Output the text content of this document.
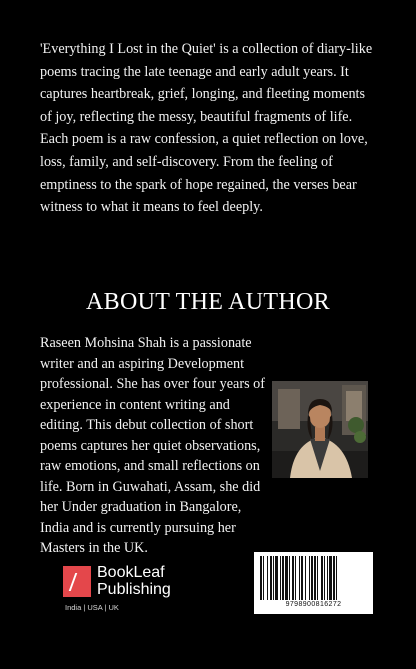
'Everything I Lost in the Quiet' is a collection of diary-like poems tracing the late teenage and early adult years. It captures heartbreak, grief, longing, and fleeting moments of joy, reflecting the messy, beautiful fragments of life. Each poem is a raw confession, a quiet reflection on love, loss, family, and self-discovery. From the feeling of emptiness to the spark of hope regained, the verses bear witness to what it means to feel deeply.

ABOUT THE AUTHOR

Raseen Mohsina Shah is a passionate writer and an aspiring Development professional. She has over four years of experience in content writing and editing. This debut collection of short poems captures her quiet observations, raw emotions, and small reflections on life. Born in Guwahati, Assam, she did her Under graduation in Bangalore, India and is currently pursuing her Masters in the UK.

BookLeaf
Publishing
India | USA | UK	9798900816272
